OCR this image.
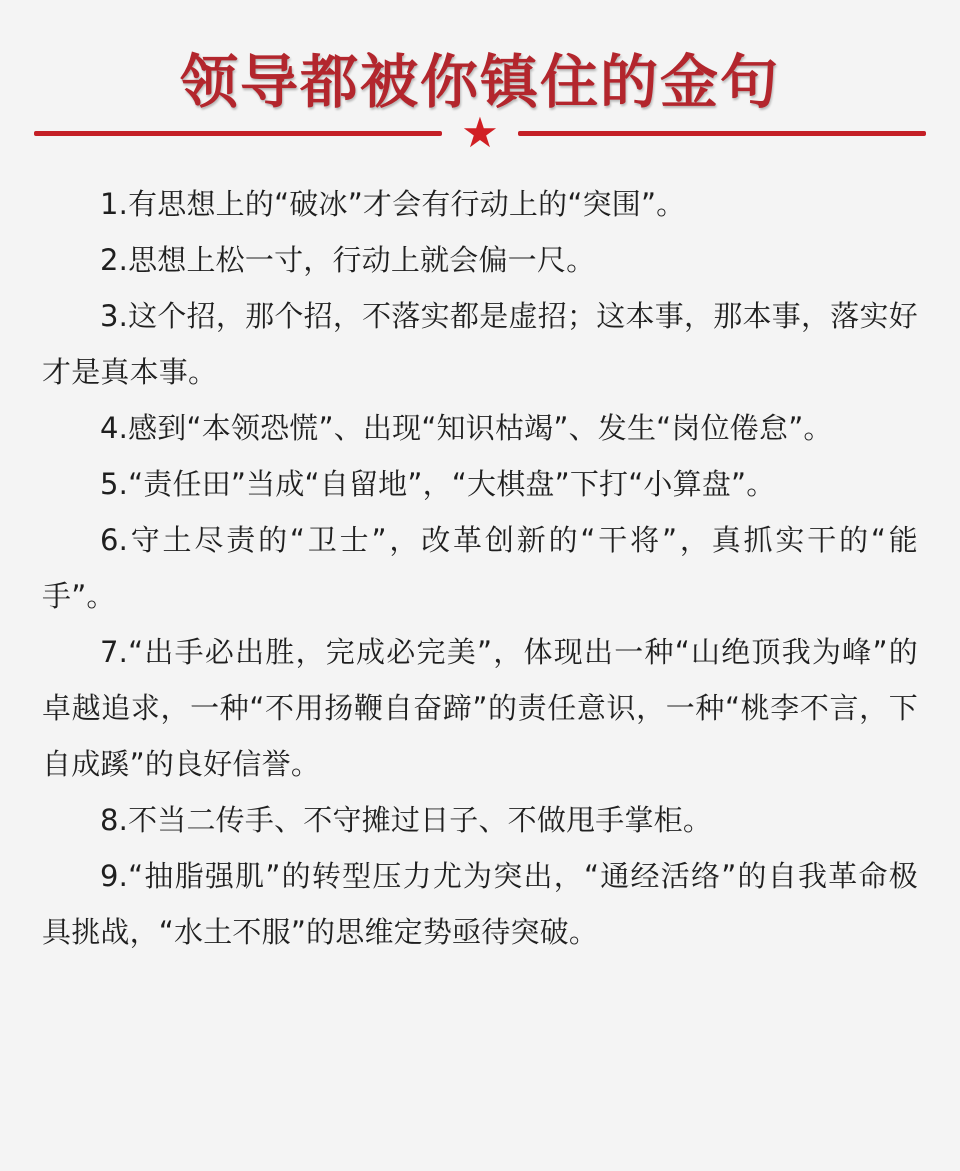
领导都被你镇住的金句
★
1.有思想上的“破冰”才会有行动上的“突围”。
2.思想上松一寸，行动上就会偏一尺。
3.这个招，那个招，不落实都是虚招；这本事，那本事，落实好才是真本事。
4.感到“本领恐慌”、出现“知识枯竭”、发生“岗位倦怠”。
5.“责任田”当成“自留地”，“大棋盘”下打“小算盘”。
6.守土尽责的“卫士”，改革创新的“干将”，真抓实干的“能手”。
7.“出手必出胜，完成必完美”，体现出一种“山绝顶我为峰”的卓越追求，一种“不用扬鞭自奋蹄”的责任意识，一种“桃李不言，下自成蹊”的良好信誉。
8.不当二传手、不守摊过日子、不做甩手掌柜。
9.“抽脂强肌”的转型压力尤为突出，“通经活络”的自我革命极具挑战，“水土不服”的思维定势亟待突破。
